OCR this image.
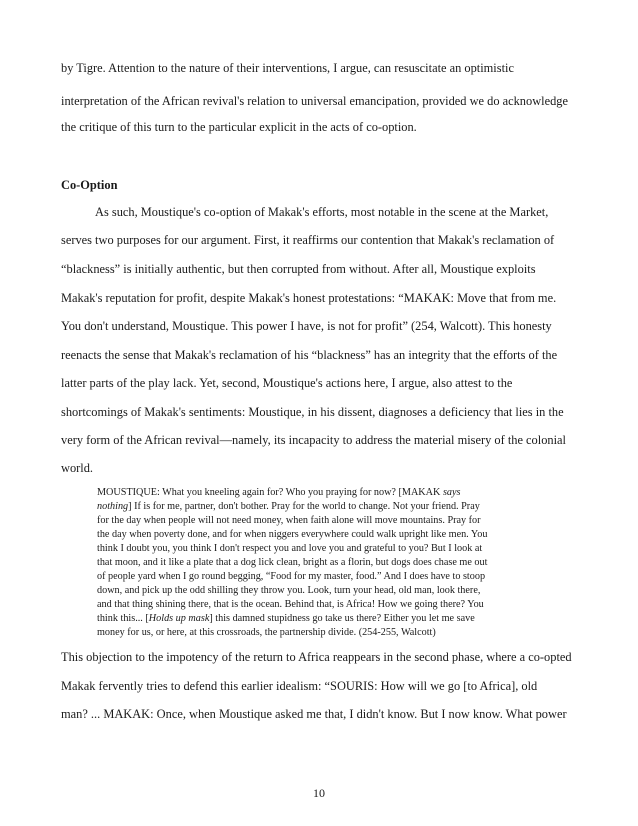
by Tigre. Attention to the nature of their interventions, I argue, can resuscitate an optimistic
interpretation of the African revival's relation to universal emancipation, provided we do acknowledge
the critique of this turn to the particular explicit in the acts of co-option.
Co-Option
As such, Moustique's co-option of Makak's efforts, most notable in the scene at the Market,
serves two purposes for our argument. First, it reaffirms our contention that Makak's reclamation of
“blackness” is initially authentic, but then corrupted from without. After all, Moustique exploits
Makak's reputation for profit, despite Makak's honest protestations: “MAKAK: Move that from me.
You don't understand, Moustique. This power I have, is not for profit” (254, Walcott). This honesty
reenacts the sense that Makak's reclamation of his “blackness” has an integrity that the efforts of the
latter parts of the play lack. Yet, second, Moustique's actions here, I argue, also attest to the
shortcomings of Makak's sentiments: Moustique, in his dissent, diagnoses a deficiency that lies in the
very form of the African revival—namely, its incapacity to address the material misery of the colonial
world.
MOUSTIQUE: What you kneeling again for? Who you praying for now? [MAKAK says
nothing] If is for me, partner, don't bother. Pray for the world to change. Not your friend. Pray
for the day when people will not need money, when faith alone will move mountains. Pray for
the day when poverty done, and for when niggers everywhere could walk upright like men. You
think I doubt you, you think I don't respect you and love you and grateful to you? But I look at
that moon, and it like a plate that a dog lick clean, bright as a florin, but dogs does chase me out
of people yard when I go round begging, “Food for my master, food.” And I does have to stoop
down, and pick up the odd shilling they throw you. Look, turn your head, old man, look there,
and that thing shining there, that is the ocean. Behind that, is Africa! How we going there? You
think this... [Holds up mask] this damned stupidness go take us there? Either you let me save
money for us, or here, at this crossroads, the partnership divide. (254-255, Walcott)
This objection to the impotency of the return to Africa reappears in the second phase, where a co-opted
Makak fervently tries to defend this earlier idealism: “SOURIS: How will we go [to Africa], old
man? ... MAKAK: Once, when Moustique asked me that, I didn't know. But I now know. What power
10
